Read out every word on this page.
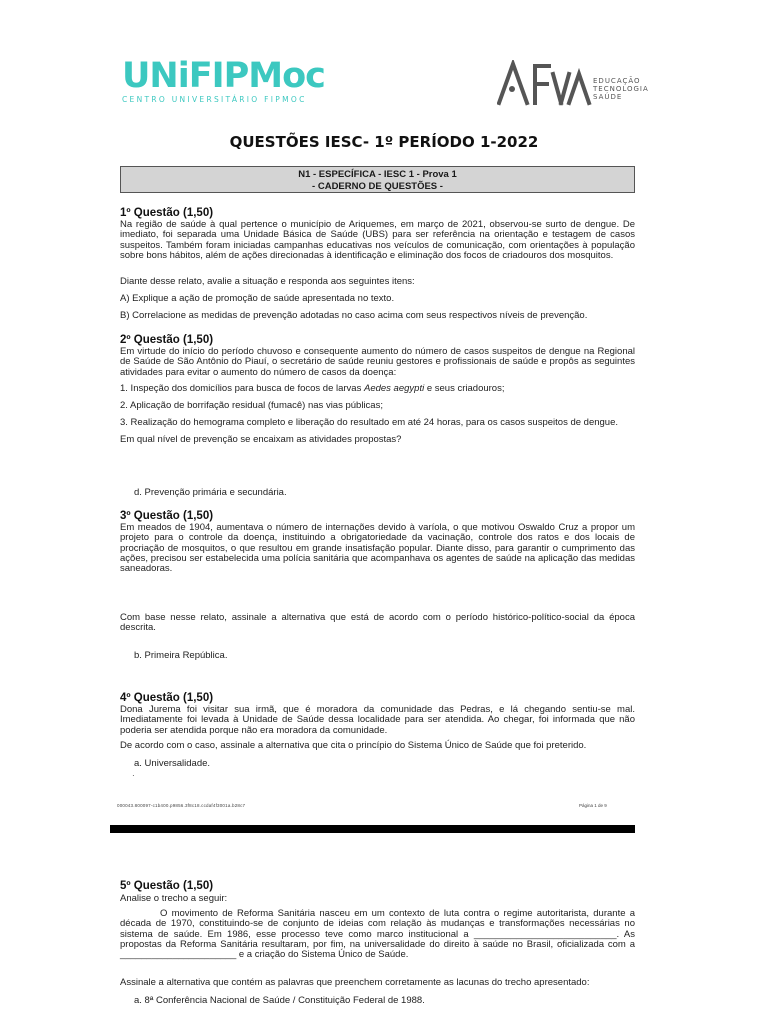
UNiFIPMoc
CENTRO UNIVERSITÁRIO FIPMOC
EDUCAÇÃO
TECNOLOGIA
SAÚDE
QUESTÕES IESC- 1º PERÍODO 1-2022
N1 - ESPECÍFICA - IESC 1 - Prova 1
- CADERNO DE QUESTÕES -
1º Questão (1,50)
Na região de saúde à qual pertence o município de Ariquemes, em março de 2021, observou-se surto de dengue. De imediato, foi separada uma Unidade Básica de Saúde (UBS) para ser referência na orientação e testagem de casos suspeitos. Também foram iniciadas campanhas educativas nos veículos de comunicação, com orientações à população sobre bons hábitos, além de ações direcionadas à identificação e eliminação dos focos de criadouros dos mosquitos.
Diante desse relato, avalie a situação e responda aos seguintes itens:
A) Explique a ação de promoção de saúde apresentada no texto.
B) Correlacione as medidas de prevenção adotadas no caso acima com seus respectivos níveis de prevenção.
2º Questão (1,50)
Em virtude do início do período chuvoso e consequente aumento do número de casos suspeitos de dengue na Regional de Saúde de São Antônio do Piauí, o secretário de saúde reuniu gestores e profissionais de saúde e propôs as seguintes atividades para evitar o aumento do número de casos da doença:
1. Inspeção dos domicílios para busca de focos de larvas Aedes aegypti e seus criadouros;
2. Aplicação de borrifação residual (fumacê) nas vias públicas;
3. Realização do hemograma completo e liberação do resultado em até 24 horas, para os casos suspeitos de dengue.
Em qual nível de prevenção se encaixam as atividades propostas?
d. Prevenção primária e secundária.
3º Questão (1,50)
Em meados de 1904, aumentava o número de internações devido à varíola, o que motivou Oswaldo Cruz a propor um projeto para o controle da doença, instituindo a obrigatoriedade da vacinação, controle dos ratos e dos locais de procriação de mosquitos, o que resultou em grande insatisfação popular. Diante disso, para garantir o cumprimento das ações, precisou ser estabelecida uma polícia sanitária que acompanhava os agentes de saúde na aplicação das medidas saneadoras.
Com base nesse relato, assinale a alternativa que está de acordo com o período histórico-político-social da época descrita.
b. Primeira República.
4º Questão (1,50)
Dona Jurema foi visitar sua irmã, que é moradora da comunidade das Pedras, e lá chegando sentiu-se mal. Imediatamente foi levada à Unidade de Saúde dessa localidade para ser atendida. Ao chegar, foi informada que não poderia ser atendida porque não era moradora da comunidade.
De acordo com o caso, assinale a alternativa que cita o princípio do Sistema Único de Saúde que foi preterido.
a. Universalidade.
·
000043.800097-c1b400.p9856.3f8c18.ccdaf4f3001a.b28c7	Página 1 de 9
5º Questão (1,50)
Analise o trecho a seguir:
O movimento de Reforma Sanitária nasceu em um contexto de luta contra o regime autoritarista, durante a década de 1970, constituindo-se de conjunto de ideias com relação às mudanças e transformações necessárias no sistema de saúde. Em 1986, esse processo teve como marco institucional a ___________________________. As propostas da Reforma Sanitária resultaram, por fim, na universalidade do direito à saúde no Brasil, oficializada com a ______________________ e a criação do Sistema Único de Saúde.
Assinale a alternativa que contém as palavras que preenchem corretamente as lacunas do trecho apresentado:
a. 8ª Conferência Nacional de Saúde / Constituição Federal de 1988.
